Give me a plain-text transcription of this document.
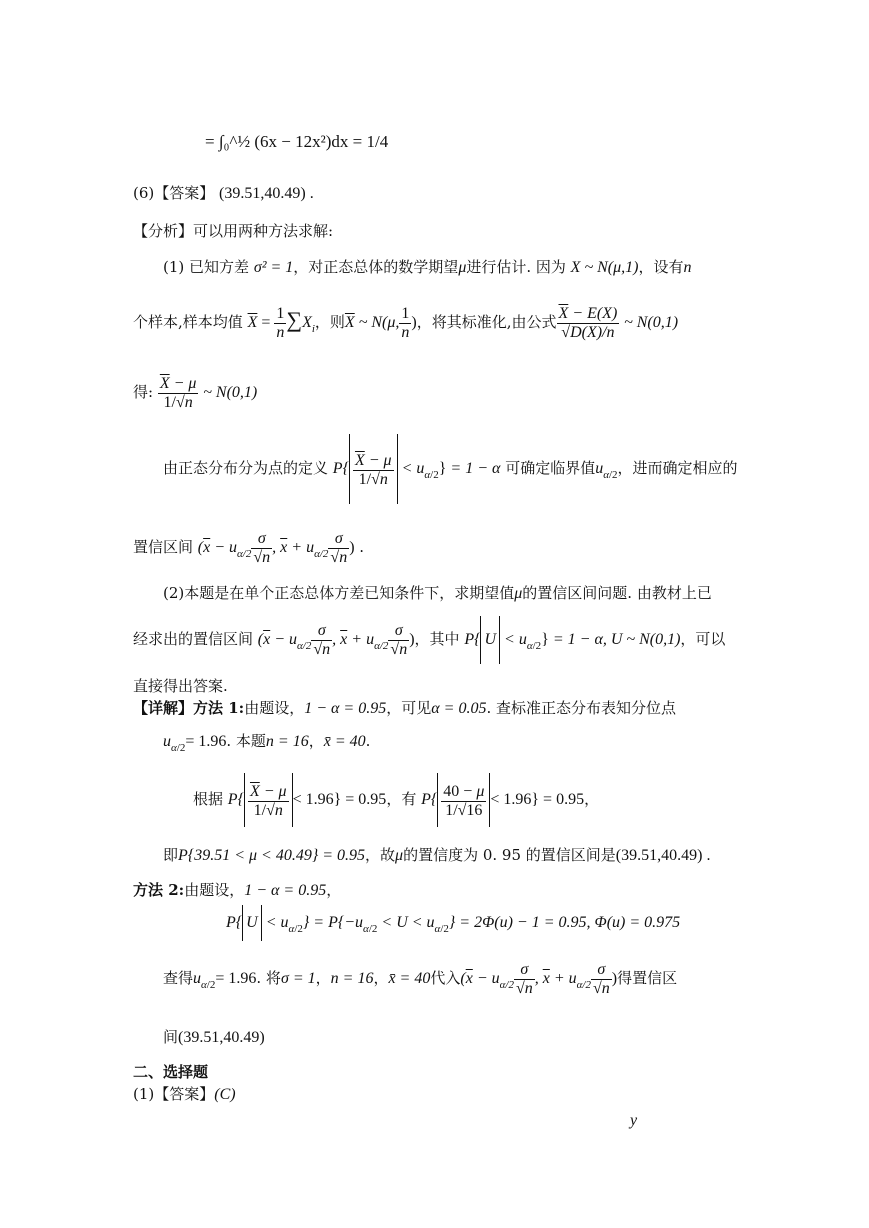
= ∫₀^½ (6x − 12x²)dx = 1/4
(6)【答案】 (39.51,40.49) .
【分析】可以用两种方法求解:
(1) 已知方差 σ² = 1，对正态总体的数学期望μ进行估计. 因为 X ~ N(μ,1)，设有n
个样本,样本均值 $\overline{X} = \frac{1}{n} \sum X_i$，则$\overline{X}$ ~ N(μ, $\frac{1}{n}$ )，将其标准化,由公式 $\frac{\overline{X} - E(X)}{√D(X)/n}$ ~ N(0,1)
得: $\frac{\overline{X} - \mu}{1/√n}$ ~ N(0,1)
由正态分布分为点的定义 $P\{ \frac{\overline{X} - \mu}{1/√n} < u$
α/2 } = 1 − α 可确定临界值u
α/2 ，进而确定相应的
置信区间 ($\overline{x} - u_{\alpha/2} \frac{\sigma}{√n}$ , $\overline{x} + u_{\alpha/2} \frac{\sigma}{√n}$ ) .
(2)本题是在单个正态总体方差已知条件下，求期望值μ的置信区间问题. 由教材上已
经求出的置信区间 ($\overline{x} - u_{\alpha/2} \frac{\sigma}{√n}$ , $\overline{x} + u_{\alpha/2} \frac{\sigma}{√n}$ )，其中 P{ U < u
α/2 } = 1 − α, U ~ N(0,1)，可以
直接得出答案.
【详解】方法 1:由题设，1 − α = 0.95，可见α = 0.05. 查标准正态分布表知分位点
u
α/2 = 1.96. 本题n = 16，x̄ = 40.
根据 $P\{ \frac{\overline{X} - \mu}{1/√n} < 1.96\} = 0.95$，有 $P\{ \frac{40 - \mu}{1/√16} < 1.96\} = 0.95$，
即P{39.51 < μ < 40.49} = 0.95，故μ的置信度为 0. 95 的置信区间是(39.51,40.49) .
方法 2:由题设，1 − α = 0.95，
P{ U < u
α/2 } = P{−u
α/2 < U < u
α/2 } = 2Φ(u) − 1 = 0.95, Φ(u) = 0.975
查得u
α/2 = 1.96. 将σ = 1，n = 16，x̄ = 40代入($\overline{x} - u_{\alpha/2} \frac{\sigma}{√n}$ , $\overline{x} + u_{\alpha/2} \frac{\sigma}{√n}$ )得置信区
间(39.51,40.49)
二、选择题
(1)【答案】(C)
y
